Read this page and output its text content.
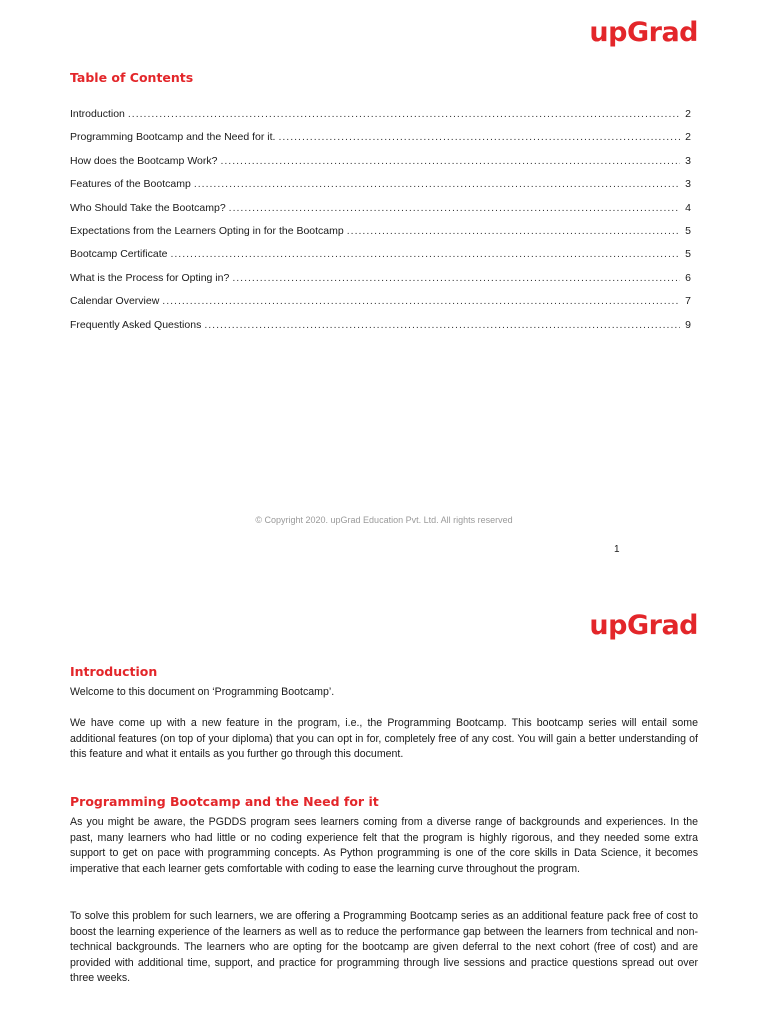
upGrad
Table of Contents
Introduction .....	2
Programming Bootcamp and the Need for it. .....	2
How does the Bootcamp Work? .....	3
Features of the Bootcamp .....	3
Who Should Take the Bootcamp? .....	4
Expectations from the Learners Opting in for the Bootcamp .....	5
Bootcamp Certificate .....	5
What is the Process for Opting in? .....	6
Calendar Overview .....	7
Frequently Asked Questions .....	9
© Copyright 2020. upGrad Education Pvt. Ltd. All rights reserved
1
upGrad
Introduction

Welcome to this document on ‘Programming Bootcamp’.

We have come up with a new feature in the program, i.e., the Programming Bootcamp. This bootcamp series will entail some additional features (on top of your diploma) that you can opt in for, completely free of any cost. You will gain a better understanding of this feature and what it entails as you further go through this document.

Programming Bootcamp and the Need for it

As you might be aware, the PGDDS program sees learners coming from a diverse range of backgrounds and experiences. In the past, many learners who had little or no coding experience felt that the program is highly rigorous, and they needed some extra support to get on pace with programming concepts. As Python programming is one of the core skills in Data Science, it becomes imperative that each learner gets comfortable with coding to ease the learning curve throughout the program.

To solve this problem for such learners, we are offering a Programming Bootcamp series as an additional feature pack free of cost to boost the learning experience of the learners as well as to reduce the performance gap between the learners from technical and non-technical backgrounds. The learners who are opting for the bootcamp are given deferral to the next cohort (free of cost) and are provided with additional time, support, and practice for programming through live sessions and practice questions spread out over three weeks.
